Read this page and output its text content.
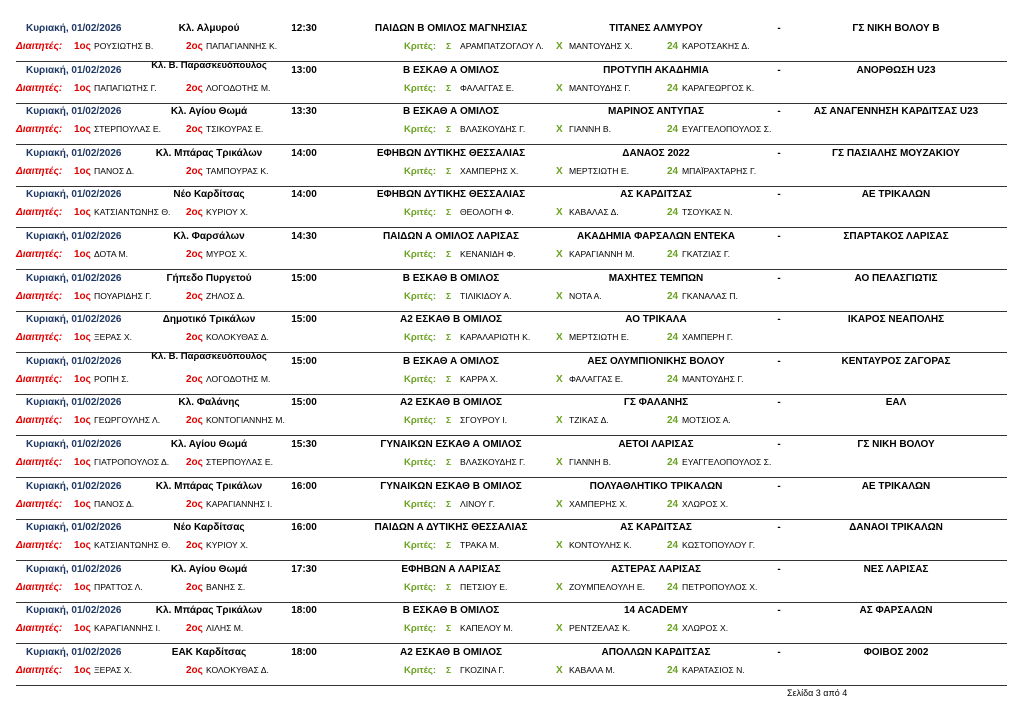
Κυριακή, 01/02/2026	Κλ. Αλμυρού	12:30	ΠΑΙΔΩΝ Β ΟΜΙΛΟΣ ΜΑΓΝΗΣΙΑΣ	ΤΙΤΑΝΕΣ ΑΛΜΥΡΟΥ	-	ΓΣ ΝΙΚΗ ΒΟΛΟΥ Β
Διαιτητές: 1ος ΡΟΥΣΙΩΤΗΣ Β.	2ος ΠΑΠΑΓΙΑΝΝΗΣ Κ.	Κριτές: Σ ΑΡΑΜΠΑΤΖΟΓΛΟΥ Λ. Χ ΜΑΝΤΟΥΔΗΣ Χ.	24 ΚΑΡΟΤΣΑΚΗΣ Δ.
Κυριακή, 01/02/2026	Κλ. Β. Παρασκευόπουλος	13:00	Β ΕΣΚΑΘ Α ΟΜΙΛΟΣ	ΠΡΟΤΥΠΗ ΑΚΑΔΗΜΙΑ	-	ΑΝΟΡΘΩΣΗ U23
Διαιτητές: 1ος ΠΑΠΑΓΙΩΤΗΣ Γ.	2ος ΛΟΓΟΔΟΤΗΣ Μ.	Κριτές: Σ ΦΑΛΑΓΓΑΣ Ε.	Χ ΜΑΝΤΟΥΔΗΣ Γ.	24 ΚΑΡΑΓΕΩΡΓΟΣ Κ.
Κυριακή, 01/02/2026	Κλ. Αγίου Θωμά	13:30	Β ΕΣΚΑΘ Α ΟΜΙΛΟΣ	ΜΑΡΙΝΟΣ ΑΝΤΥΠΑΣ	-	ΑΣ ΑΝΑΓΕΝΝΗΣΗ ΚΑΡΔΙΤΣΑΣ U23
Διαιτητές: 1ος ΣΤΕΡΠΟΥΛΑΣ Ε. 2ος ΤΣΙΚΟΥΡΑΣ Ε.	Κριτές: Σ ΒΛΑΣΚΟΥΔΗΣ Γ.	Χ ΓΙΑΝΝΗ Β.	24 ΕΥΑΓΓΕΛΟΠΟΥΛΟΣ Σ.
Κυριακή, 01/02/2026	Κλ. Μπάρας Τρικάλων	14:00	ΕΦΗΒΩΝ ΔΥΤΙΚΗΣ ΘΕΣΣΑΛΙΑΣ	ΔΑΝΑΟΣ 2022	-	ΓΣ ΠΑΣΙΑΛΗΣ ΜΟΥΖΑΚΙΟΥ
Διαιτητές: 1ος ΠΑΝΟΣ Δ.	2ος ΤΑΜΠΟΥΡΑΣ Κ.	Κριτές: Σ ΧΑΜΠΕΡΗΣ Χ.	Χ ΜΕΡΤΣΙΩΤΗ Ε.	24 ΜΠΑΪΡΑΧΤΑΡΗΣ Γ.
Κυριακή, 01/02/2026	Νέο Καρδίτσας	14:00	ΕΦΗΒΩΝ ΔΥΤΙΚΗΣ ΘΕΣΣΑΛΙΑΣ	ΑΣ ΚΑΡΔΙΤΣΑΣ	-	ΑΕ ΤΡΙΚΑΛΩΝ
Διαιτητές: 1ος ΚΑΤΣΙΑΝΤΩΝΗΣ Θ. 2ος ΚΥΡΙΟΥ Χ.	Κριτές: Σ ΘΕΟΛΟΓΗ Φ.	Χ ΚΑΒΑΛΑΣ Δ.	24 ΤΣΟΥΚΑΣ Ν.
Κυριακή, 01/02/2026	Κλ. Φαρσάλων	14:30	ΠΑΙΔΩΝ Α ΟΜΙΛΟΣ ΛΑΡΙΣΑΣ	ΑΚΑΔΗΜΙΑ ΦΑΡΣΑΛΩΝ ΕΝΤΕΚΑ	-	ΣΠΑΡΤΑΚΟΣ ΛΑΡΙΣΑΣ
Διαιτητές: 1ος ΔΟΤΑ Μ.	2ος ΜΥΡΟΣ Χ.	Κριτές: Σ ΚΕΝΑΝΙΔΗ Φ.	Χ ΚΑΡΑΓΙΑΝΝΗ Μ.	24 ΓΚΑΤΖΙΑΣ Γ.
Κυριακή, 01/02/2026	Γήπεδο Πυργετού	15:00	Β ΕΣΚΑΘ Β ΟΜΙΛΟΣ	ΜΑΧΗΤΕΣ ΤΕΜΠΩΝ	-	ΑΟ ΠΕΛΑΣΓΙΩΤΙΣ
Διαιτητές: 1ος ΠΟΥΑΡΙΔΗΣ Γ.	2ος ΖΗΛΟΣ Δ.	Κριτές: Σ ΤΙΛΙΚΙΔΟΥ Α.	Χ ΝΟΤΑ Α.	24 ΓΚΑΝΑΛΑΣ Π.
Κυριακή, 01/02/2026	Δημοτικό Τρικάλων	15:00	Α2 ΕΣΚΑΘ Β ΟΜΙΛΟΣ	ΑΟ ΤΡΙΚΑΛΑ	-	ΙΚΑΡΟΣ ΝΕΑΠΟΛΗΣ
Διαιτητές: 1ος ΞΕΡΑΣ Χ.	2ος ΚΟΛΟΚΥΘΑΣ Δ.	Κριτές: Σ ΚΑΡΑΛΑΡΙΩΤΗ Κ.	Χ ΜΕΡΤΣΙΩΤΗ Ε.	24 ΧΑΜΠΕΡΗ Γ.
Κυριακή, 01/02/2026	Κλ. Β. Παρασκευόπουλος	15:00	Β ΕΣΚΑΘ Α ΟΜΙΛΟΣ	ΑΕΣ ΟΛΥΜΠΙΟΝΙΚΗΣ ΒΟΛΟΥ	-	ΚΕΝΤΑΥΡΟΣ ΖΑΓΟΡΑΣ
Διαιτητές: 1ος ΡΟΠΗ Σ.	2ος ΛΟΓΟΔΟΤΗΣ Μ.	Κριτές: Σ ΚΑΡΡΑ Χ.	Χ ΦΑΛΑΓΓΑΣ Ε.	24 ΜΑΝΤΟΥΔΗΣ Γ.
Κυριακή, 01/02/2026	Κλ. Φαλάνης	15:00	Α2 ΕΣΚΑΘ Β ΟΜΙΛΟΣ	ΓΣ ΦΑΛΑΝΗΣ	-	ΕΑΛ
Διαιτητές: 1ος ΓΕΩΡΓΟΥΛΗΣ Λ.	2ος ΚΟΝΤΟΓΙΑΝΝΗΣ Μ.	Κριτές: Σ ΣΓΟΥΡΟΥ Ι.	Χ ΤΖΙΚΑΣ Δ.	24 ΜΟΤΣΙΟΣ Α.
Κυριακή, 01/02/2026	Κλ. Αγίου Θωμά	15:30	ΓΥΝΑΙΚΩΝ ΕΣΚΑΘ Α ΟΜΙΛΟΣ	ΑΕΤΟΙ ΛΑΡΙΣΑΣ	-	ΓΣ ΝΙΚΗ ΒΟΛΟΥ
Διαιτητές: 1ος ΓΙΑΤΡΟΠΟΥΛΟΣ Δ. 2ος ΣΤΕΡΠΟΥΛΑΣ Ε.	Κριτές: Σ ΒΛΑΣΚΟΥΔΗΣ Γ.	Χ ΓΙΑΝΝΗ Β.	24 ΕΥΑΓΓΕΛΟΠΟΥΛΟΣ Σ.
Κυριακή, 01/02/2026	Κλ. Μπάρας Τρικάλων	16:00	ΓΥΝΑΙΚΩΝ ΕΣΚΑΘ Β ΟΜΙΛΟΣ	ΠΟΛΥΑΘΛΗΤΙΚΟ ΤΡΙΚΑΛΩΝ	-	ΑΕ ΤΡΙΚΑΛΩΝ
Διαιτητές: 1ος ΠΑΝΟΣ Δ.	2ος ΚΑΡΑΓΙΑΝΝΗΣ Ι.	Κριτές: Σ ΛΙΝΟΥ Γ.	Χ ΧΑΜΠΕΡΗΣ Χ.	24 ΧΛΩΡΟΣ Χ.
Κυριακή, 01/02/2026	Νέο Καρδίτσας	16:00	ΠΑΙΔΩΝ Α ΔΥΤΙΚΗΣ ΘΕΣΣΑΛΙΑΣ	ΑΣ ΚΑΡΔΙΤΣΑΣ	-	ΔΑΝΑΟΙ ΤΡΙΚΑΛΩΝ
Διαιτητές: 1ος ΚΑΤΣΙΑΝΤΩΝΗΣ Θ. 2ος ΚΥΡΙΟΥ Χ.	Κριτές: Σ ΤΡΑΚΑ Μ.	Χ ΚΟΝΤΟΥΛΗΣ Κ.	24 ΚΩΣΤΟΠΟΥΛΟΥ Γ.
Κυριακή, 01/02/2026	Κλ. Αγίου Θωμά	17:30	ΕΦΗΒΩΝ Α ΛΑΡΙΣΑΣ	ΑΣΤΕΡΑΣ ΛΑΡΙΣΑΣ	-	ΝΕΣ ΛΑΡΙΣΑΣ
Διαιτητές: 1ος ΠΡΑΤΤΟΣ Λ.	2ος ΒΑΝΗΣ Σ.	Κριτές: Σ ΠΕΤΣΙΟΥ Ε.	Χ ΖΟΥΜΠΕΛΟΥΛΗ Ε. 24 ΠΕΤΡΟΠΟΥΛΟΣ Χ.
Κυριακή, 01/02/2026	Κλ. Μπάρας Τρικάλων	18:00	Β ΕΣΚΑΘ Β ΟΜΙΛΟΣ	14 ACADEMY	-	ΑΣ ΦΑΡΣΑΛΩΝ
Διαιτητές: 1ος ΚΑΡΑΓΙΑΝΝΗΣ Ι.	2ος ΛΙΛΗΣ Μ.	Κριτές: Σ ΚΑΠΕΛΟΥ Μ.	Χ ΡΕΝΤΖΕΛΑΣ Κ.	24 ΧΛΩΡΟΣ Χ.
Κυριακή, 01/02/2026	ΕΑΚ Καρδίτσας	18:00	Α2 ΕΣΚΑΘ Β ΟΜΙΛΟΣ	ΑΠΟΛΛΩΝ ΚΑΡΔΙΤΣΑΣ	-	ΦΟΙΒΟΣ 2002
Διαιτητές: 1ος ΞΕΡΑΣ Χ.	2ος ΚΟΛΟΚΥΘΑΣ Δ.	Κριτές: Σ ΓΚΟΖΙΝΑ Γ.	Χ ΚΑΒΑΛΑ Μ.	24 ΚΑΡΑΤΑΣΙΟΣ Ν.
Σελίδα 3 από 4
